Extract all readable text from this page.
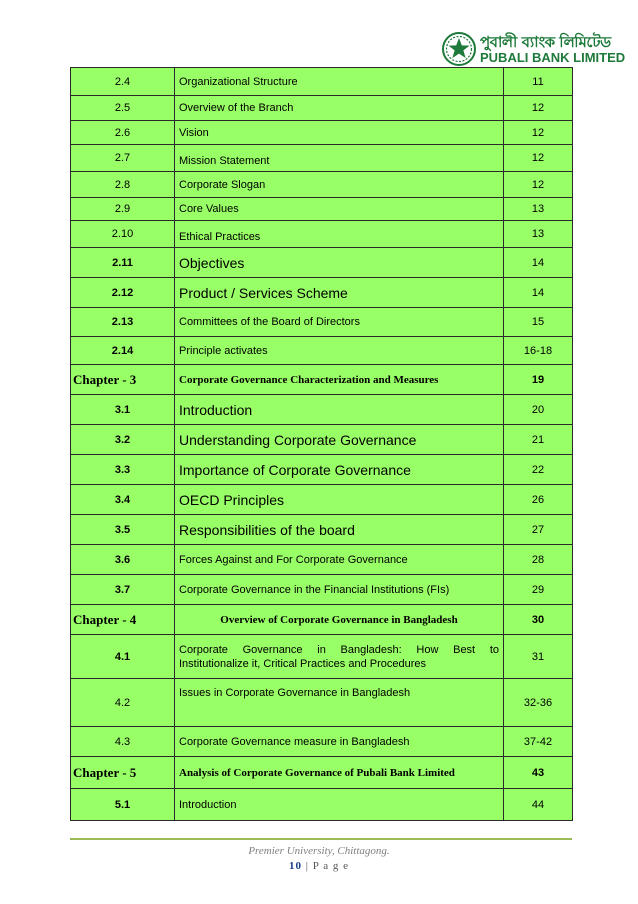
পুবালী ব্যাংক লিমিটেড
PUBALI BANK LIMITED
2.4	Organizational Structure	11
2.5	Overview of the Branch	12
2.6	Vision	12
2.7	Mission Statement	12
2.8	Corporate Slogan	12
2.9	Core Values	13
2.10	Ethical Practices	13
2.11	Objectives	14
2.12	Product / Services Scheme	14
2.13	Committees of the Board of Directors	15
2.14	Principle activates	16-18
Chapter - 3	Corporate Governance Characterization and Measures	19
3.1	Introduction	20
3.2	Understanding Corporate Governance	21
3.3	Importance of Corporate Governance	22
3.4	OECD Principles	26
3.5	Responsibilities of the board	27
3.6	Forces Against and For Corporate Governance	28
3.7	Corporate Governance in the Financial Institutions (FIs)	29
Chapter - 4	Overview of Corporate Governance in Bangladesh	30
4.1	Corporate Governance in Bangladesh: How Best to Institutionalize it, Critical Practices and Procedures	31
4.2	Issues in Corporate Governance in Bangladesh	32-36
4.3	Corporate Governance measure in Bangladesh	37-42
Chapter - 5	Analysis of Corporate Governance of Pubali Bank Limited	43
5.1	Introduction	44
Premier University, Chittagong.
10 | P a g e
